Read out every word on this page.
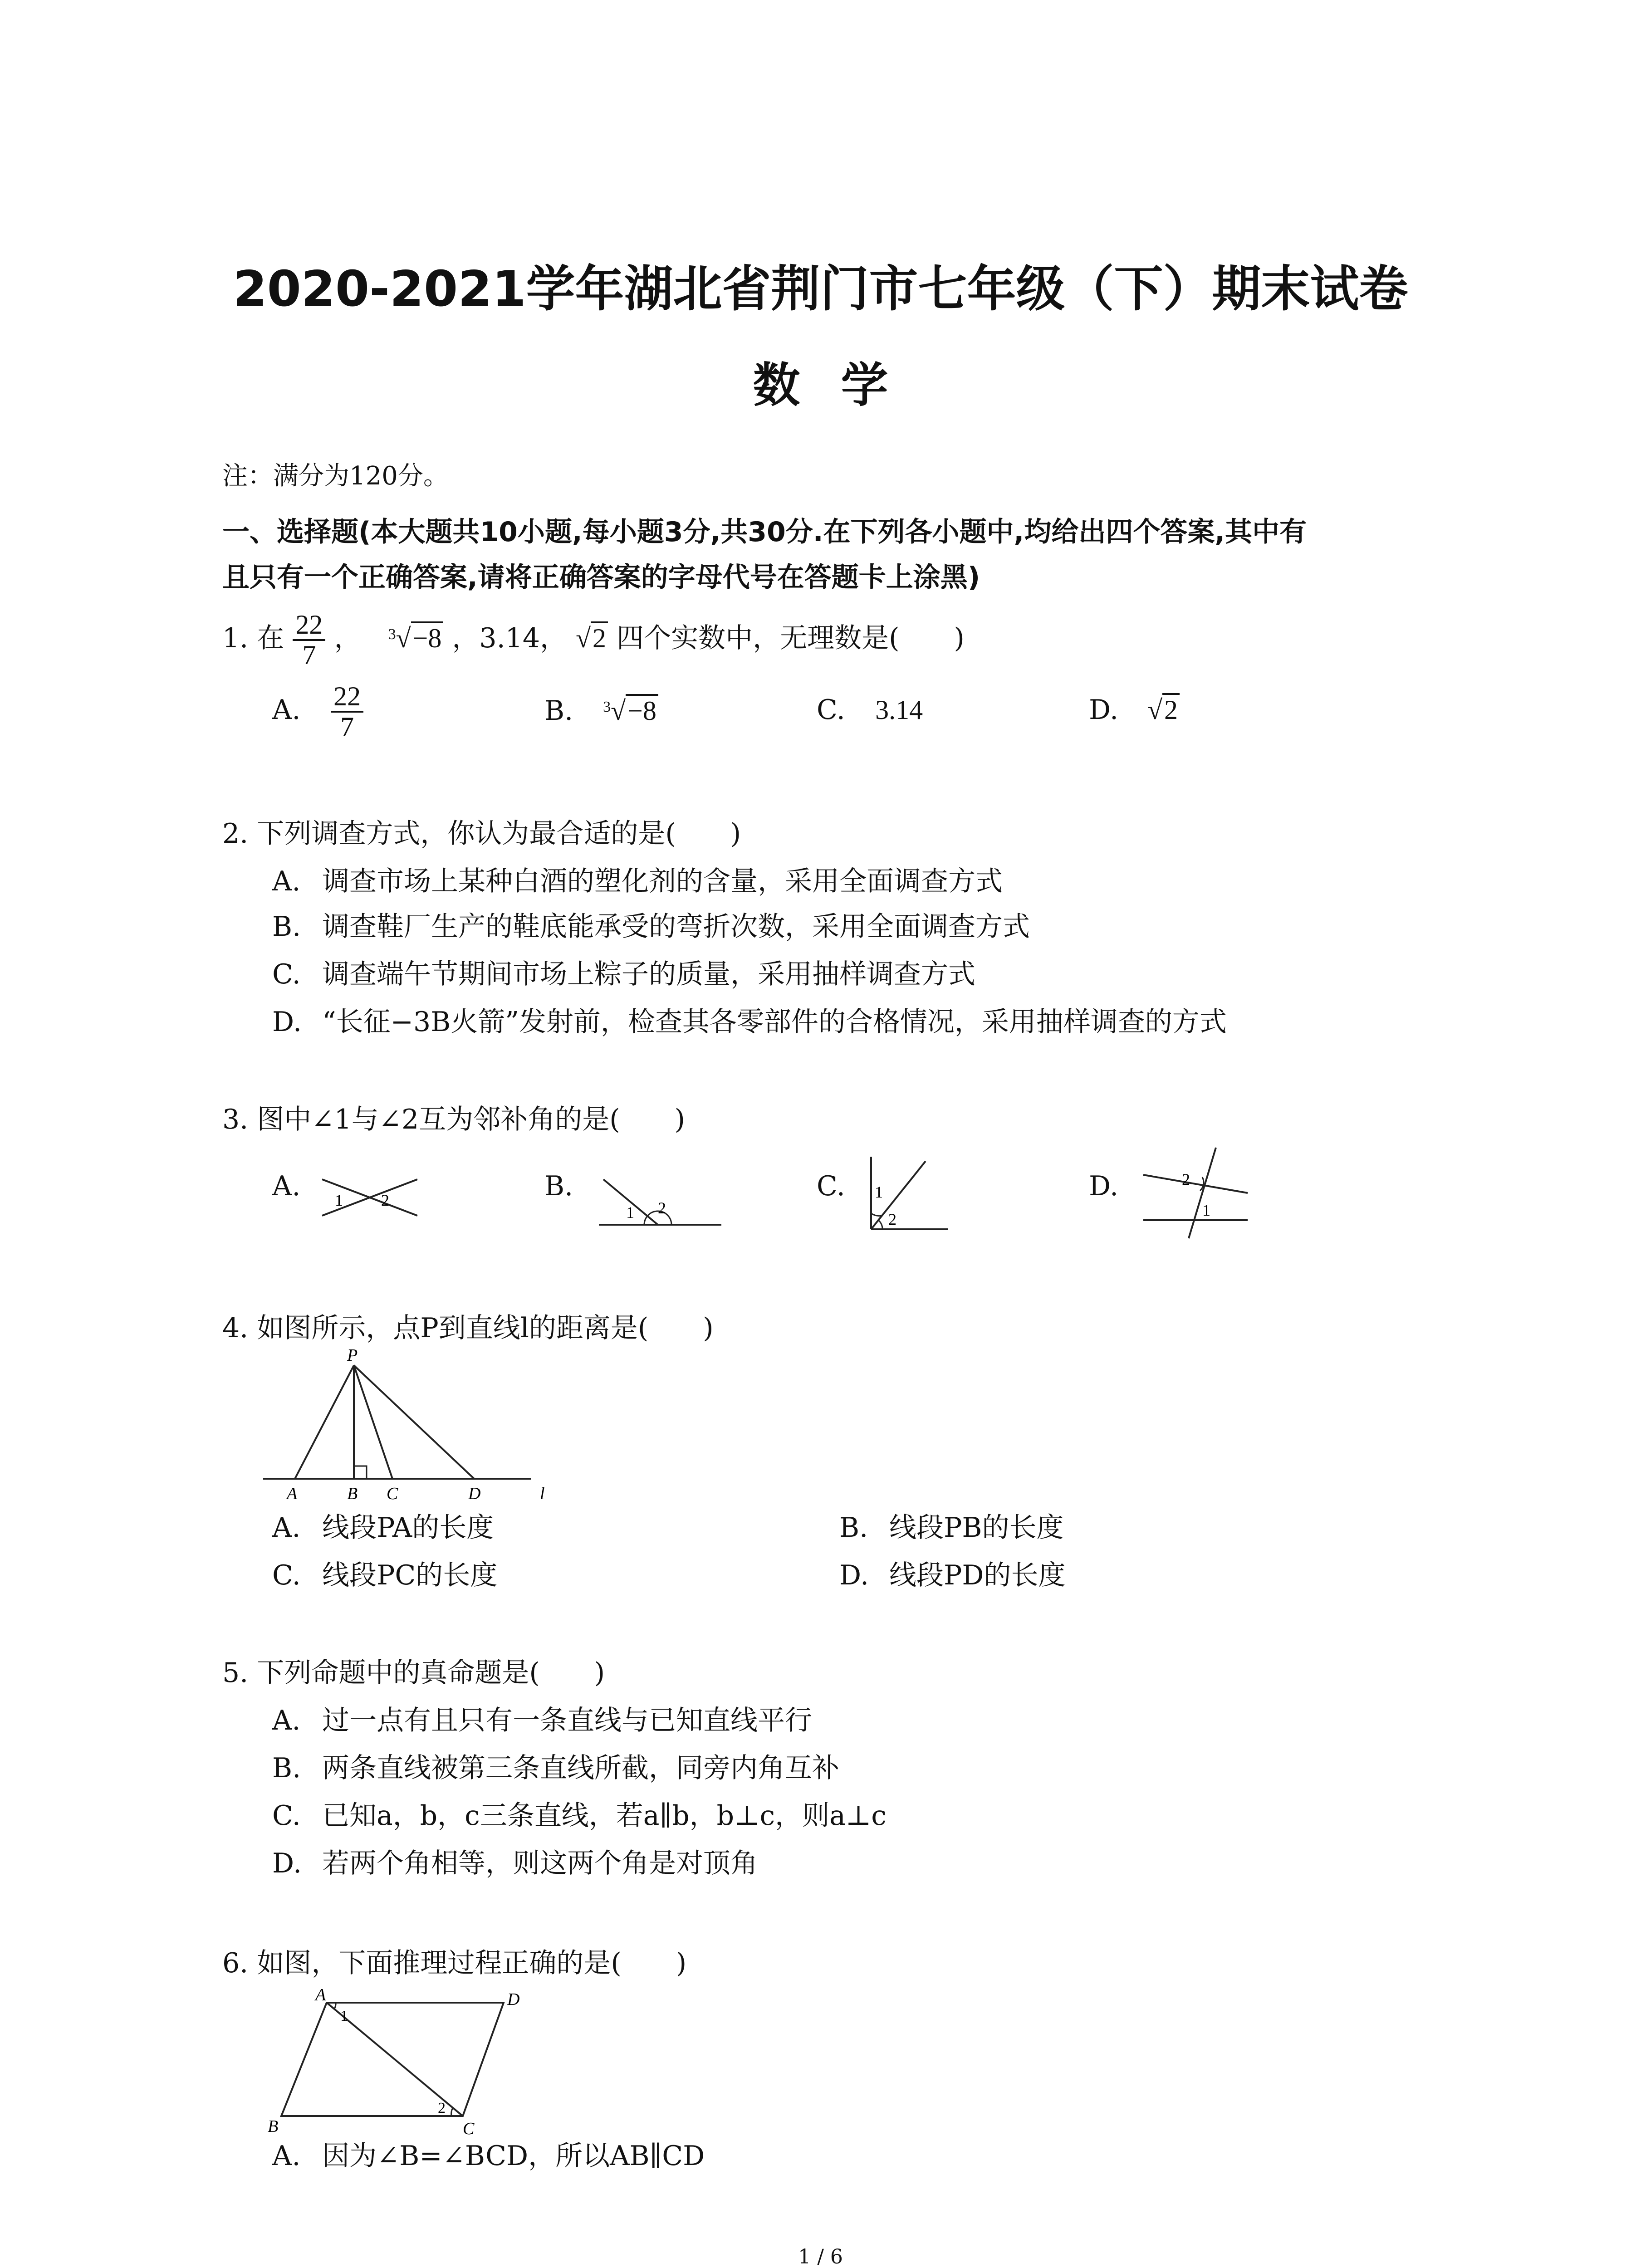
2020-2021学年湖北省荆门市七年级（下）期末试卷
数学
注：满分为120分。
一、选择题(本大题共10小题,每小题3分,共30分.在下列各小题中,均给出四个答案,其中有
且只有一个正确答案,请将正确答案的字母代号在答题卡上涂黑)
1. 在 $\frac{22}{7}$ ， $^3$√−8 ，3.14， √2 四个实数中，无理数是(　　)
A. $\frac{22}{7}$	B. $^3$√−8	C. 3.14	D. √2
2. 下列调查方式，你认为最合适的是(　　)
A. 调查市场上某种白酒的塑化剂的含量，采用全面调查方式
B. 调查鞋厂生产的鞋底能承受的弯折次数，采用全面调查方式
C. 调查端午节期间市场上粽子的质量，采用抽样调查方式
D. “长征−3B火箭”发射前，检查其各零部件的合格情况，采用抽样调查的方式
3. 图中∠1与∠2互为邻补角的是(　　)
A. 1 2	B.
1 2
C. 1
2
D.	2
1
4. 如图所示，点P到直线l的距离是(　　)
P
A	B C	D	l
A. 线段PA的长度	B. 线段PB的长度
C. 线段PC的长度	D. 线段PD的长度
5. 下列命题中的真命题是(　　)
A. 过一点有且只有一条直线与已知直线平行
B. 两条直线被第三条直线所截，同旁内角互补
C. 已知a，b，c三条直线，若a∥b，b⊥c，则a⊥c
D. 若两个角相等，则这两个角是对顶角
6. 如图，下面推理过程正确的是(　　)
A	D
B	C
1
2
A. 因为∠B=∠BCD，所以AB∥CD
1 / 6
